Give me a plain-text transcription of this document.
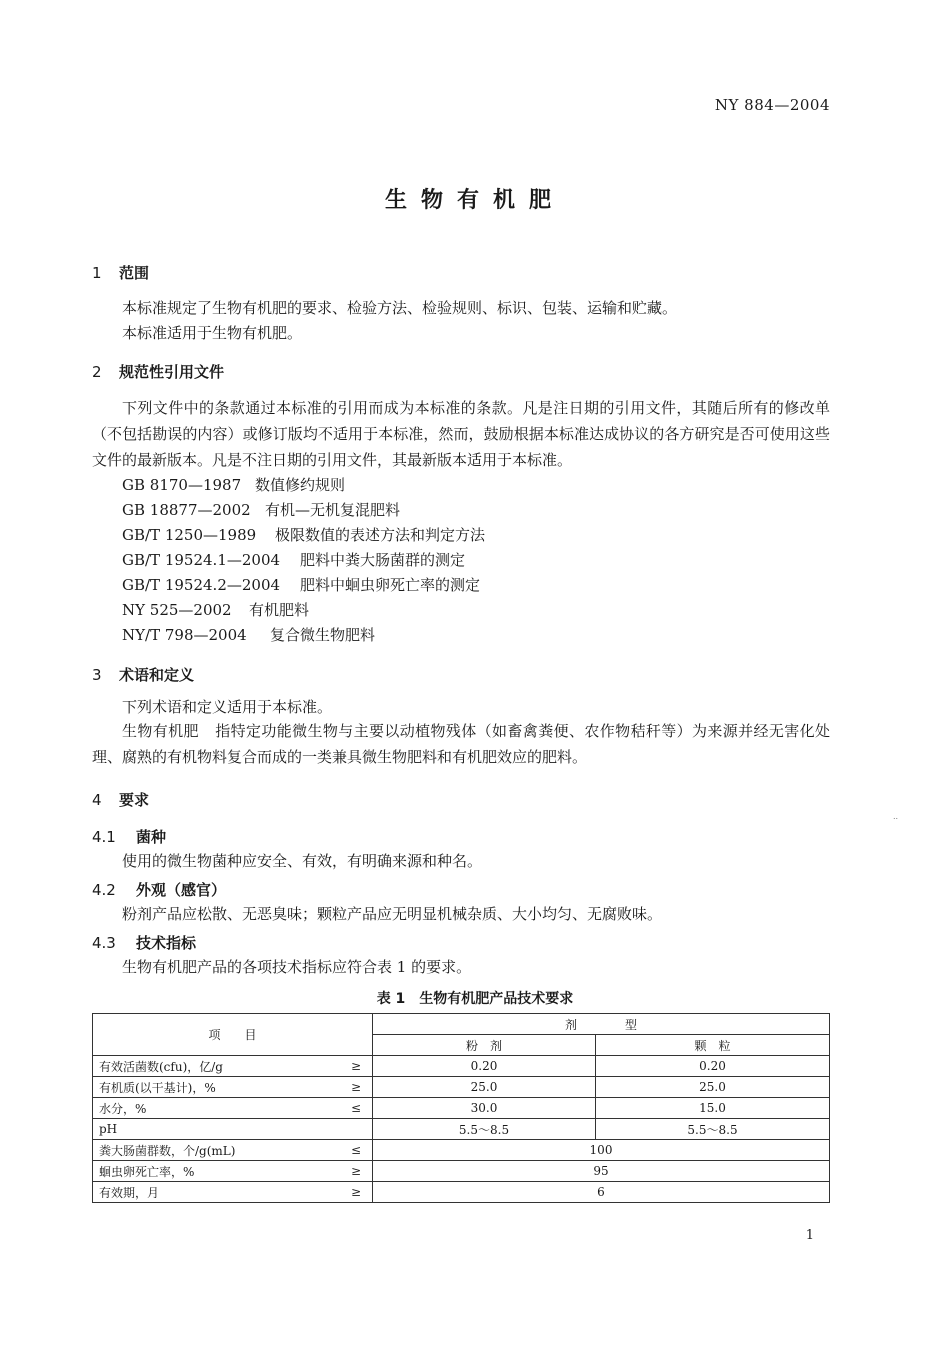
NY 884—2004
生物有机肥
1 范围
本标准规定了生物有机肥的要求、检验方法、检验规则、标识、包装、运输和贮藏。
本标准适用于生物有机肥。
2 规范性引用文件

下列文件中的条款通过本标准的引用而成为本标准的条款。凡是注日期的引用文件，其随后所有的修改单（不包括勘误的内容）或修订版均不适用于本标准，然而，鼓励根据本标准达成协议的各方研究是否可使用这些文件的最新版本。凡是不注日期的引用文件，其最新版本适用于本标准。

GB 8170—1987 数值修约规则
GB 18877—2002 有机—无机复混肥料
GB/T 1250—1989 极限数值的表述方法和判定方法
GB/T 19524.1—2004 肥料中粪大肠菌群的测定
GB/T 19524.2—2004 肥料中蛔虫卵死亡率的测定
NY 525—2002 有机肥料
NY/T 798—2004 复合微生物肥料
3 术语和定义
下列术语和定义适用于本标准。

生物有机肥 指特定功能微生物与主要以动植物残体（如畜禽粪便、农作物秸秆等）为来源并经无害化处理、腐熟的有机物料复合而成的一类兼具微生物肥料和有机肥效应的肥料。

4 要求
4.1 菌种
使用的微生物菌种应安全、有效，有明确来源和种名。
4.2 外观（感官）
粉剂产品应松散、无恶臭味；颗粒产品应无明显机械杂质、大小均匀、无腐败味。
4.3 技术指标
生物有机肥产品的各项技术指标应符合表 1 的要求。
表 1 生物有机肥产品技术要求
项　　目		剂　　　　型	
		粉　剂	颗　粒
有效活菌数(cfu)，亿/g	≥	0.20	0.20
有机质(以干基计)，%	≥	25.0	25.0
水分，%	≤	30.0	15.0
pH		5.5～8.5	5.5～8.5
粪大肠菌群数，个/g(mL)	≤	100	
蛔虫卵死亡率，%	≥	95	
有效期，月	≥	6	
1
..
